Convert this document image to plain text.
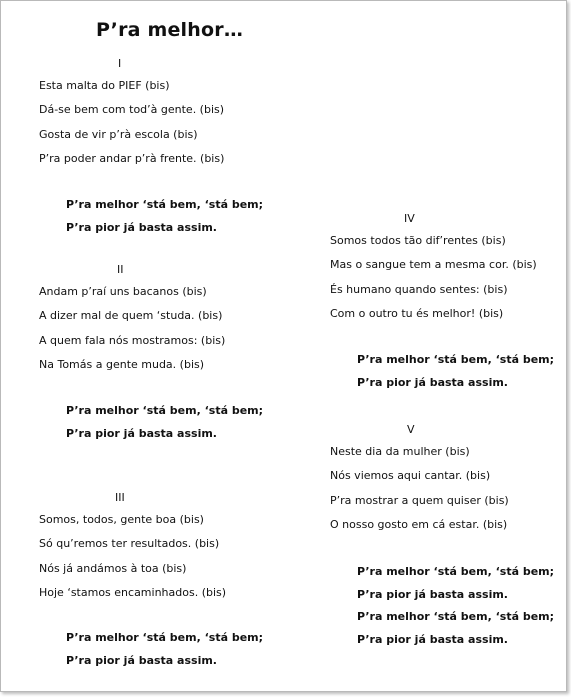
P’ra melhor…
I
Esta malta do PIEF (bis)
Dá-se bem com tod’à gente. (bis)
Gosta de vir p’rà escola (bis)
P’ra poder andar p’rà frente. (bis)
P’ra melhor ‘stá bem, ‘stá bem;
P’ra pior já basta assim.
II
Andam p’raí uns bacanos (bis)
A dizer mal de quem ‘studa. (bis)
A quem fala nós mostramos: (bis)
Na Tomás a gente muda. (bis)
P’ra melhor ‘stá bem, ‘stá bem;
P’ra pior já basta assim.
III
Somos, todos, gente boa (bis)
Só qu’remos ter resultados. (bis)
Nós já andámos à toa (bis)
Hoje ‘stamos encaminhados. (bis)
P’ra melhor ‘stá bem, ‘stá bem;
P’ra pior já basta assim.
IV
Somos todos tão dif’rentes (bis)
Mas o sangue tem a mesma cor. (bis)
És humano quando sentes: (bis)
Com o outro tu és melhor! (bis)
P’ra melhor ‘stá bem, ‘stá bem;
P’ra pior já basta assim.
V
Neste dia da mulher (bis)
Nós viemos aqui cantar. (bis)
P’ra mostrar a quem quiser (bis)
O nosso gosto em cá estar. (bis)
P’ra melhor ‘stá bem, ‘stá bem;
P’ra pior já basta assim.
P’ra melhor ‘stá bem, ‘stá bem;
P’ra pior já basta assim.
